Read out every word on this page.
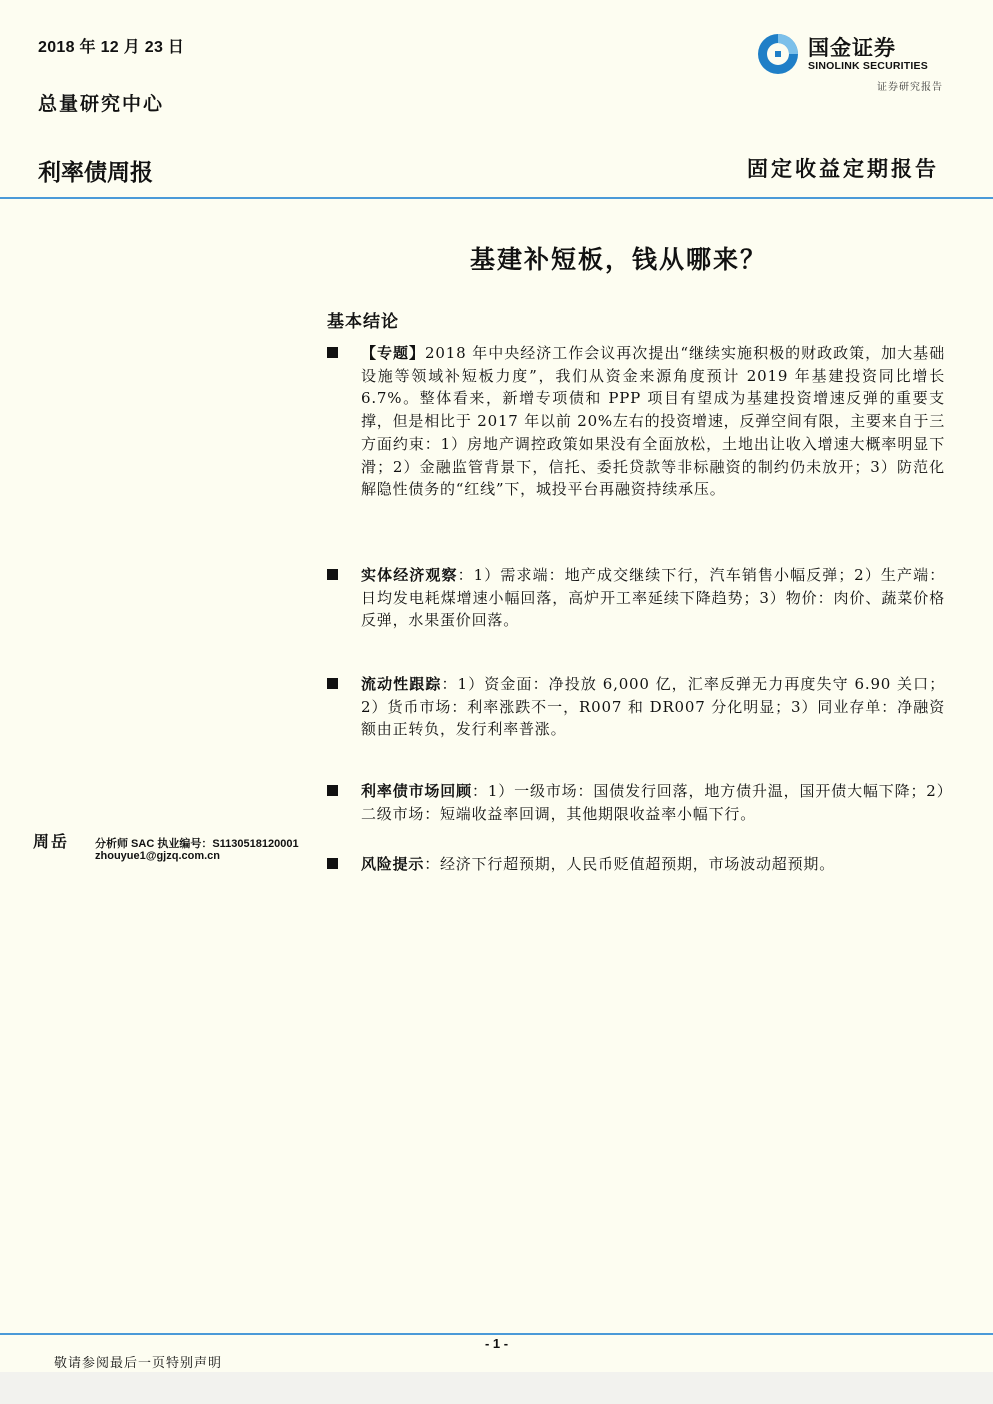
2018 年 12 月 23 日
总量研究中心
利率债周报	固定收益定期报告
国金证券
SINOLINK SECURITIES
证券研究报告
基建补短板，钱从哪来？
基本结论
【专题】2018 年中央经济工作会议再次提出“继续实施积极的财政政策，加大基础设施等领域补短板力度”，我们从资金来源角度预计 2019 年基建投资同比增长 6.7%。整体看来，新增专项债和 PPP 项目有望成为基建投资增速反弹的重要支撑，但是相比于 2017 年以前 20%左右的投资增速，反弹空间有限，主要来自于三方面约束：1）房地产调控政策如果没有全面放松，土地出让收入增速大概率明显下滑；2）金融监管背景下，信托、委托贷款等非标融资的制约仍未放开；3）防范化解隐性债务的“红线”下，城投平台再融资持续承压。
实体经济观察：1）需求端：地产成交继续下行，汽车销售小幅反弹；2）生产端：日均发电耗煤增速小幅回落，高炉开工率延续下降趋势；3）物价：肉价、蔬菜价格反弹，水果蛋价回落。
流动性跟踪：1）资金面：净投放 6,000 亿，汇率反弹无力再度失守 6.90 关口；2）货币市场：利率涨跌不一，R007 和 DR007 分化明显；3）同业存单：净融资额由正转负，发行利率普涨。
利率债市场回顾：1）一级市场：国债发行回落，地方债升温，国开债大幅下降；2）二级市场：短端收益率回调，其他期限收益率小幅下行。
风险提示：经济下行超预期，人民币贬值超预期，市场波动超预期。
周岳 分析师 SAC 执业编号：S1130518120001
zhouyue1@gjzq.com.cn
- 1 -
敬请参阅最后一页特别声明
